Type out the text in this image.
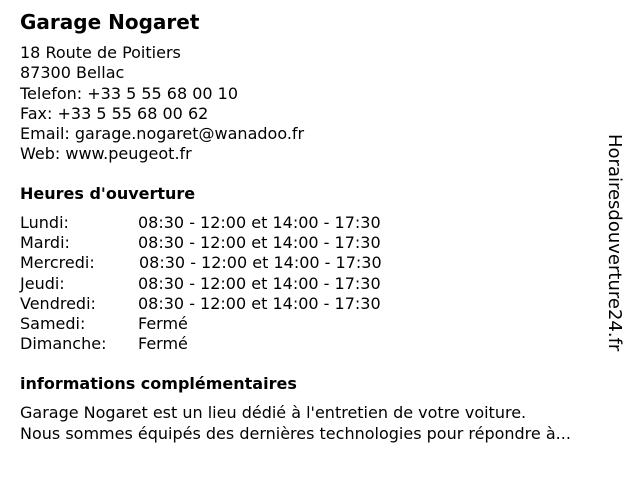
Garage Nogaret
18 Route de Poitiers
87300 Bellac
Telefon: +33 5 55 68 00 10
Fax: +33 5 55 68 00 62
Email: garage.nogaret@wanadoo.fr
Web: www.peugeot.fr
Heures d'ouverture
Lundi:	08:30 - 12:00 et 14:00 - 17:30
Mardi:	08:30 - 12:00 et 14:00 - 17:30
Mercredi:	08:30 - 12:00 et 14:00 - 17:30
Jeudi:	08:30 - 12:00 et 14:00 - 17:30
Vendredi:	08:30 - 12:00 et 14:00 - 17:30
Samedi:	Fermé
Dimanche: Fermé
informations complémentaires
Garage Nogaret est un lieu dédié à l'entretien de votre voiture.
Nous sommes équipés des dernières technologies pour répondre à...
Horairesdouverture24.fr
